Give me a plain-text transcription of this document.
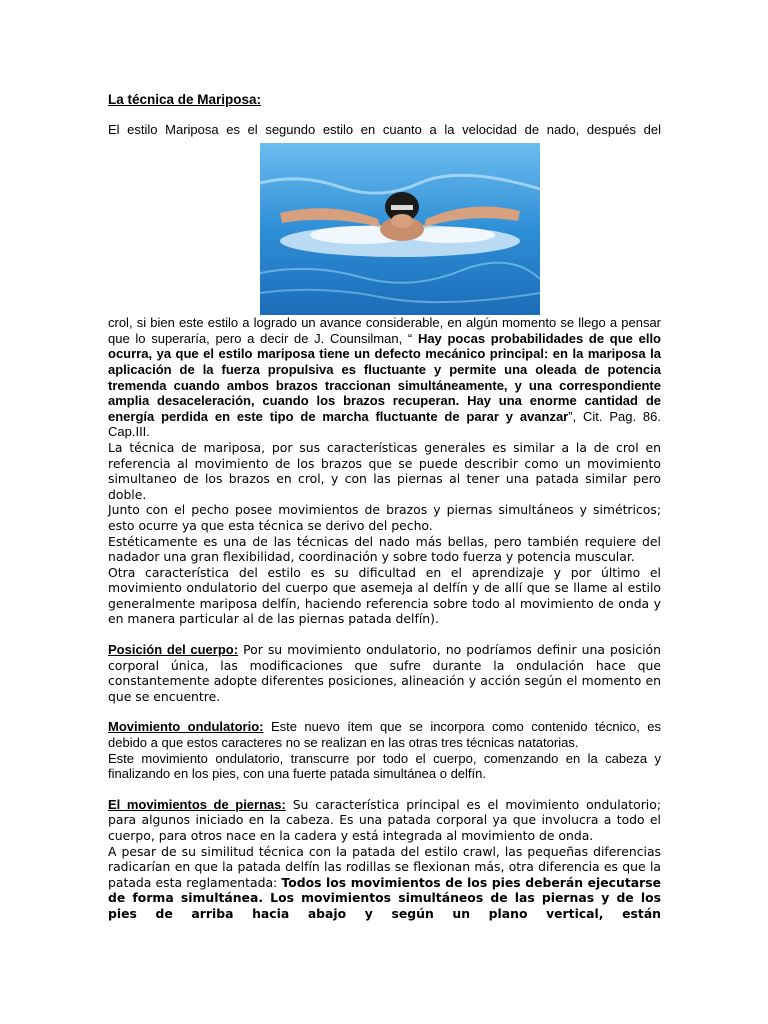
La técnica de Mariposa:

El estilo Mariposa es el segundo estilo en cuanto a la velocidad de nado, después del

crol, si bien este estilo a logrado un avance considerable, en algún momento se llego a pensar que lo superaría, pero a decir de J. Counsilman, “ Hay pocas probabilidades de que ello ocurra, ya que el estilo mariposa tiene un defecto mecánico principal: en la mariposa la aplicación de la fuerza propulsiva es fluctuante y permite una oleada de potencia tremenda cuando ambos brazos traccionan simultáneamente, y una correspondiente amplia desaceleración, cuando los brazos recuperan. Hay una enorme cantidad de energía perdida en este tipo de marcha fluctuante de parar y avanzar”, Cit. Pag. 86. Cap.III.

La técnica de mariposa, por sus características generales es similar a la de crol en referencia al movimiento de los brazos que se puede describir como un movimiento simultaneo de los brazos en crol, y con las piernas al tener una patada similar pero doble.

Junto con el pecho posee movimientos de brazos y piernas simultáneos y simétricos; esto ocurre ya que esta técnica se derivo del pecho.

Estéticamente es una de las técnicas del nado más bellas, pero también requiere del nadador una gran flexibilidad, coordinación y sobre todo fuerza y potencia muscular.

Otra característica del estilo es su dificultad en el aprendizaje y por último el movimiento ondulatorio del cuerpo que asemeja al delfín y de allí que se llame al estilo generalmente mariposa delfín, haciendo referencia sobre todo al movimiento de onda y en manera particular al de las piernas patada delfín).

Posición del cuerpo: Por su movimiento ondulatorio, no podríamos definir una posición corporal única, las modificaciones que sufre durante la ondulación hace que constantemente adopte diferentes posiciones, alineación y acción según el momento en que se encuentre.

Movimiento ondulatorio: Este nuevo ítem que se incorpora como contenido técnico, es debido a que estos caracteres no se realizan en las otras tres técnicas natatorias.

Este movimiento ondulatorio, transcurre por todo el cuerpo, comenzando en la cabeza y finalizando en los pies, con una fuerte patada simultánea o delfín.

El movimientos de piernas: Su característica principal es el movimiento ondulatorio; para algunos iniciado en la cabeza. Es una patada corporal ya que involucra a todo el cuerpo, para otros nace en la cadera y está integrada al movimiento de onda.

A pesar de su similitud técnica con la patada del estilo crawl, las pequeñas diferencias radicarían en que la patada delfín las rodillas se flexionan más, otra diferencia es que la patada esta reglamentada: Todos los movimientos de los pies deberán ejecutarse de forma simultánea. Los movimientos simultáneos de las piernas y de los pies de arriba hacia abajo y según un plano vertical, están
